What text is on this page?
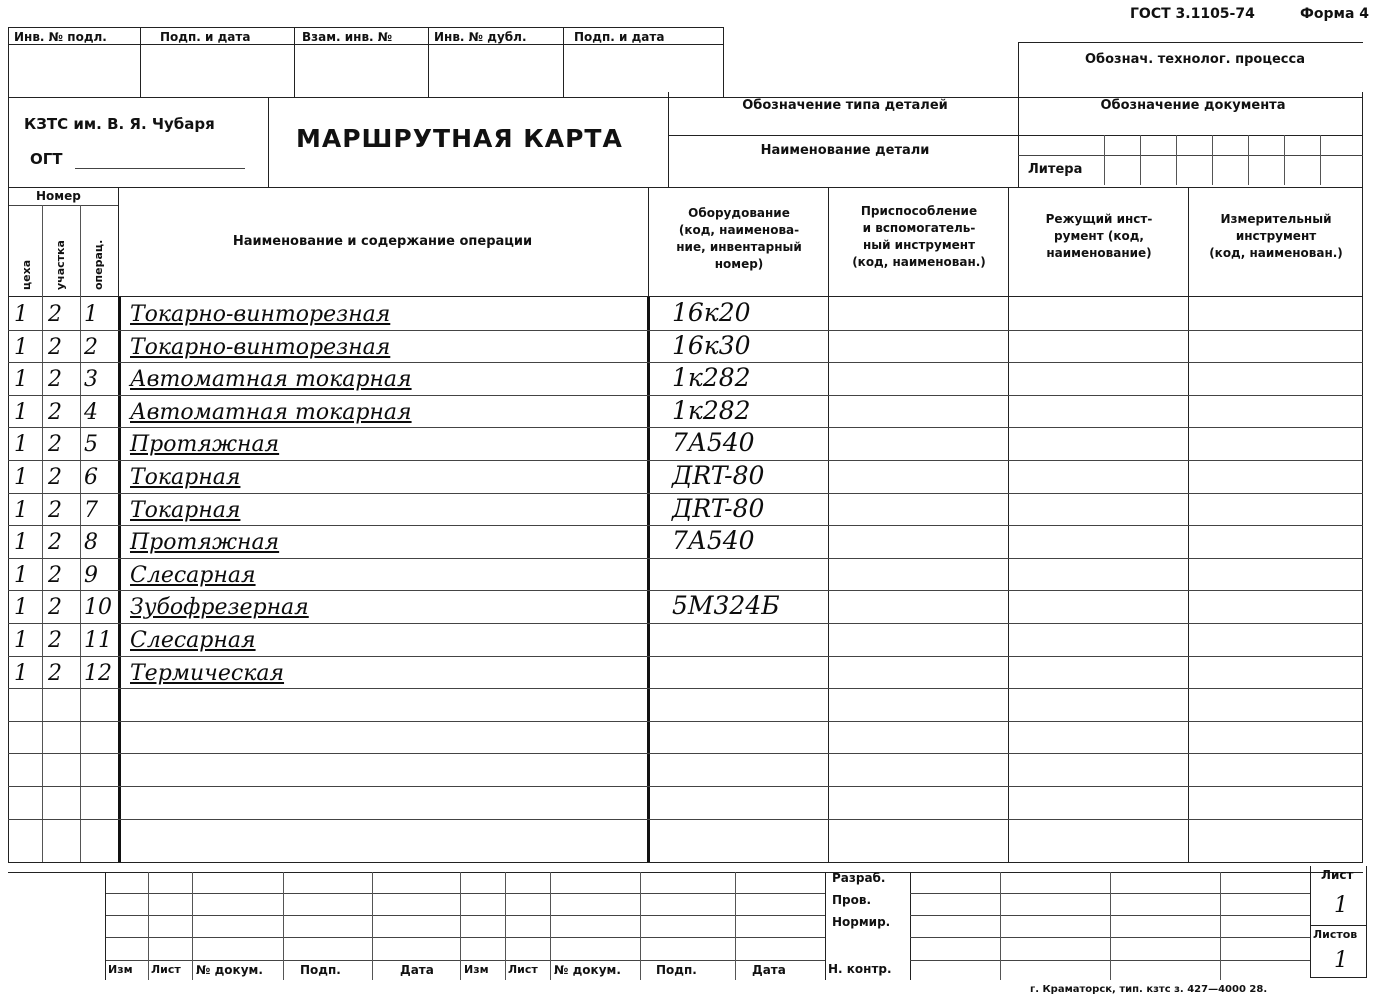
Инв. № подл.	Подп. и дата	Взам. инв. №	Инв. № дубл.	Подп. и дата
ГОСТ 3.1105-74	Форма 4
Обознач. технолог. процесса
КЗТС им. В. Я. Чубаря
ОГТ
МАРШРУТНАЯ КАРТА
Обозначение типа деталей	Обозначение документа
Наименование детали
Литера
Номер
цеха участка операц.	Наименование и содержание операции
Оборудование
(код, наименова-
ние, инвентарный
номер)
Приспособление
и вспомогатель-
ный инструмент
(код, наименован.)
Режущий инст-
румент (код,
наименование)
Измерительный
инструмент
(код, наименован.)
1 2 1 Токарно-винторезная	16к20
1 2 2 Токарно-винторезная	16к30
1 2 3 Автоматная токарная	1к282
1 2 4 Автоматная токарная	1к282
1 2 5 Протяжная	7А540
1 2 6 Токарная	ДRT-80
1 2 7 Токарная	ДRT-80
1 2 8 Протяжная	7А540
1 2 9 Слесарная
1 2 10 Зубофрезерная	5М324Б
1 2 11 Слесарная
1 2 12 Термическая
Разраб.
Пров.
Нормир.
Н. контр.
Лист
1
Листов
1
Изм Лист № докум.	Подп.	Дата	Изм Лист № докум.	Подп.	Дата
г. Краматорск, тип. кзтс з. 427—4000 28.
